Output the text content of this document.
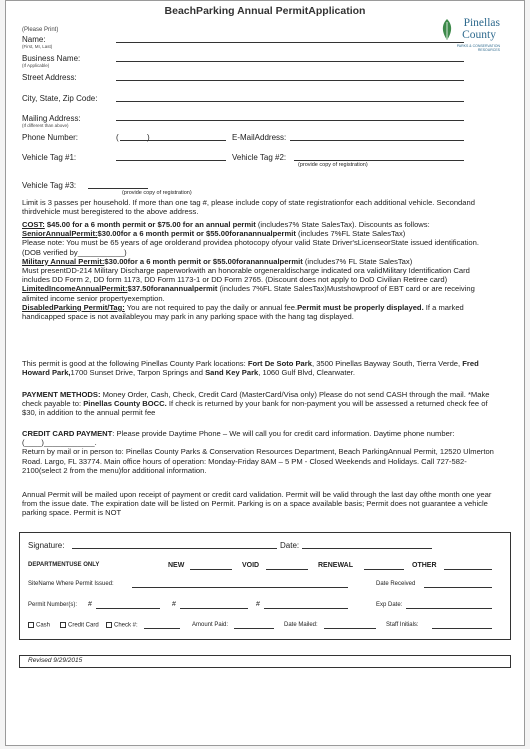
BeachParking Annual PermitApplication
Pinellas
County
PARKS & CONSERVATION RESOURCES
(Please Print)
Name:
(First, MI, Last)
Business Name:
(If Applicable)
Street Address:
City, State, Zip Code:
Mailing Address:
(If different than above)
Phone Number:	(	)	E-MailAddress:
Vehicle Tag #1:	Vehicle Tag #2:
(provide copy of registration)
Vehicle Tag #3:
(provide copy of registration)
Limit is 3 passes per household. If more than one tag #, please include copy of state registrationfor each additional vehicle. Secondand thirdvehicle must beregistered to the above address.

COST: $45.00 for a 6 month permit or $75.00 for an annual permit (includes7% State SalesTax). Discounts as follows:

SeniorAnnualPermit:$30.00for a 6 month permit or $55.00foranannualpermit (includes 7%FL State SalesTax)

Please note: You must be 65 years of age orolderand providea photocopy ofyour valid State Driver'sLicenseorState issued identification. (DOB verified by___________)

Military Annual Permit:$30.00for a 6 month permit or $55.00foranannualpermit (includes7% FL State SalesTax)

Must presentDD-214 Military Discharge paperworkwith an honorable orgeneraldischarge indicated ora validMilitary Identification Card includes DD Form 2, DD form 1173, DD Form 1173-1 or DD Form 2765. (Discount does not apply to DoD Civilian Retiree card)

LimitedIncomeAnnualPermit:$37.50foranannualpermit (includes 7%FL State SalesTax)Mustshowproof of EBT card or are receiving alimited income senior propertyexemption.

DisabledParking Permit/Tag: You are not required to pay the daily or annual fee.Permit must be properly displayed. If a marked handicapped space is not availableyou may park in any parking space with the hang tag displayed.

This permit is good at the following Pinellas County Park locations: Fort De Soto Park, 3500 Pinellas Bayway South, Tierra Verde, Fred Howard Park,1700 Sunset Drive, Tarpon Springs and Sand Key Park, 1060 Gulf Blvd, Clearwater.
PAYMENT METHODS: Money Order, Cash, Check, Credit Card (MasterCard/Visa only) Please do not send CASH through the mail. *Make check payable to: Pinellas County BOCC. If check is returned by your bank for non-payment you will be assessed a returned check fee of $30, in addition to the annual permit fee

CREDIT CARD PAYMENT: Please provide Daytime Phone – We will call you for credit card information. Daytime phone number:(____)____________.

Return by mail or in person to: Pinellas County Parks & Conservation Resources Department, Beach ParkingAnnual Permit, 12520 Ulmerton Road. Largo, FL 33774. Main office hours of operation: Monday-Friday 8AM – 5 PM - Closed Weekends and Holidays. Call 727-582-2100(select 2 from the menu)for additional information.

Annual Permit will be mailed upon receipt of payment or credit card validation. Permit will be valid through the last day ofthe month one year from the issue date. The expiration date will be listed on Permit. Parking is on a space available basis; Permit does not guarantee a vehicle parking space. Permit is NOT
Signature:	Date:
DEPARTMENTUSE ONLY	NEW	VOID	RENEWAL	OTHER
SiteName Where Permit Issued:	Date Received
Permit Number(s): #	#	#	Exp Date:
Cash	Credit Card	Check #:	Amount Paid:	Date Mailed:	Staff Initials:
Revised 9/29/2015
